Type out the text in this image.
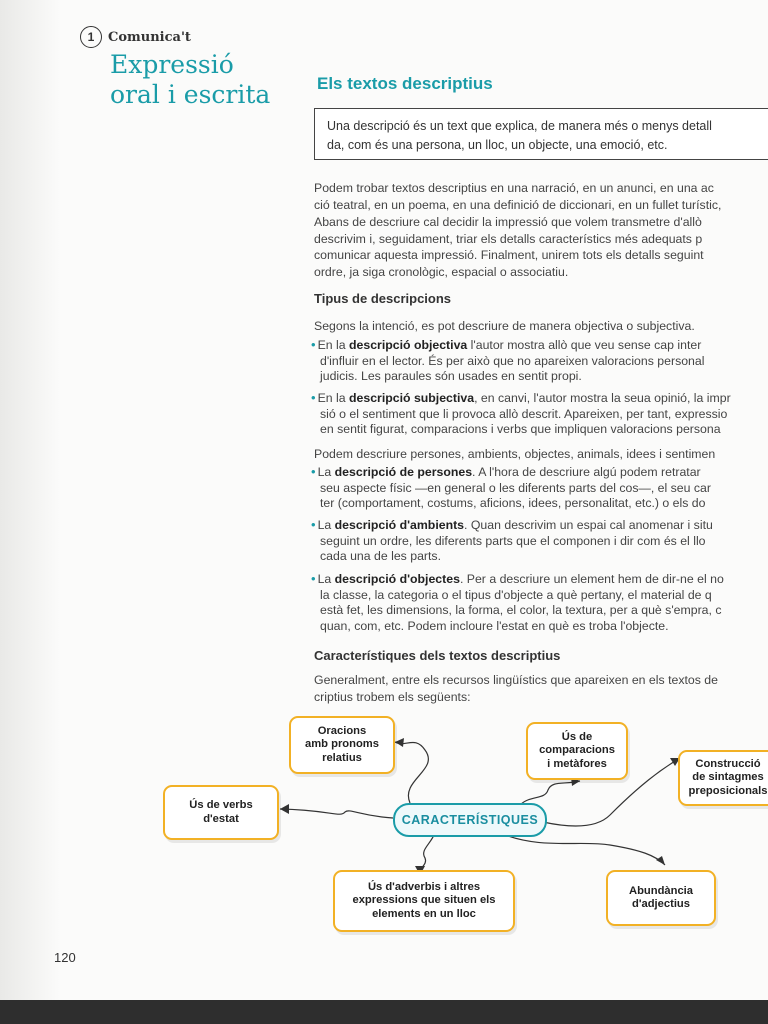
1	Comunica't
Expressió
oral i escrita	Els textos descriptius

Una descripció és un text que explica, de manera més o menys detall

da, com és una persona, un lloc, un objecte, una emoció, etc.

Podem trobar textos descriptius en una narració, en un anunci, en una ac

ció teatral, en un poema, en una definició de diccionari, en un fullet turístic,

Abans de descriure cal decidir la impressió que volem transmetre d'allò

descrivim i, seguidament, triar els detalls característics més adequats p

comunicar aquesta impressió. Finalment, unirem tots els detalls seguint

ordre, ja siga cronològic, espacial o associatiu.

Tipus de descripcions

Segons la intenció, es pot descriure de manera objectiva o subjectiva.

• En la descripció objectiva l'autor mostra allò que veu sense cap inter

d'influir en el lector. És per això que no apareixen valoracions personal

judicis. Les paraules són usades en sentit propi.

• En la descripció subjectiva, en canvi, l'autor mostra la seua opinió, la impr

sió o el sentiment que li provoca allò descrit. Apareixen, per tant, expressio

en sentit figurat, comparacions i verbs que impliquen valoracions persona

Podem descriure persones, ambients, objectes, animals, idees i sentimen

• La descripció de persones. A l'hora de descriure algú podem retratar

seu aspecte físic —en general o les diferents parts del cos—, el seu car

ter (comportament, costums, aficions, idees, personalitat, etc.) o els do

• La descripció d'ambients. Quan descrivim un espai cal anomenar i situ

seguint un ordre, les diferents parts que el componen i dir com és el llo

cada una de les parts.

• La descripció d'objectes. Per a descriure un element hem de dir-ne el no

la classe, la categoria o el tipus d'objecte a què pertany, el material de q

està fet, les dimensions, la forma, el color, la textura, per a què s'empra, c

quan, com, etc. Podem incloure l'estat en què es troba l'objecte.

Característiques dels textos descriptius

Generalment, entre els recursos lingüístics que apareixen en els textos de

criptius trobem els següents:

CARACTERÍSTIQUES
Oracions
amb pronoms
relatius
Ús de
comparacions
i metàfores	Construcció
de sintagmes
preposicionals
Ús de verbs
d'estat
Ús d'adverbis i altres
expressions que situen els
elements en un lloc
Abundància
d'adjectius
120
